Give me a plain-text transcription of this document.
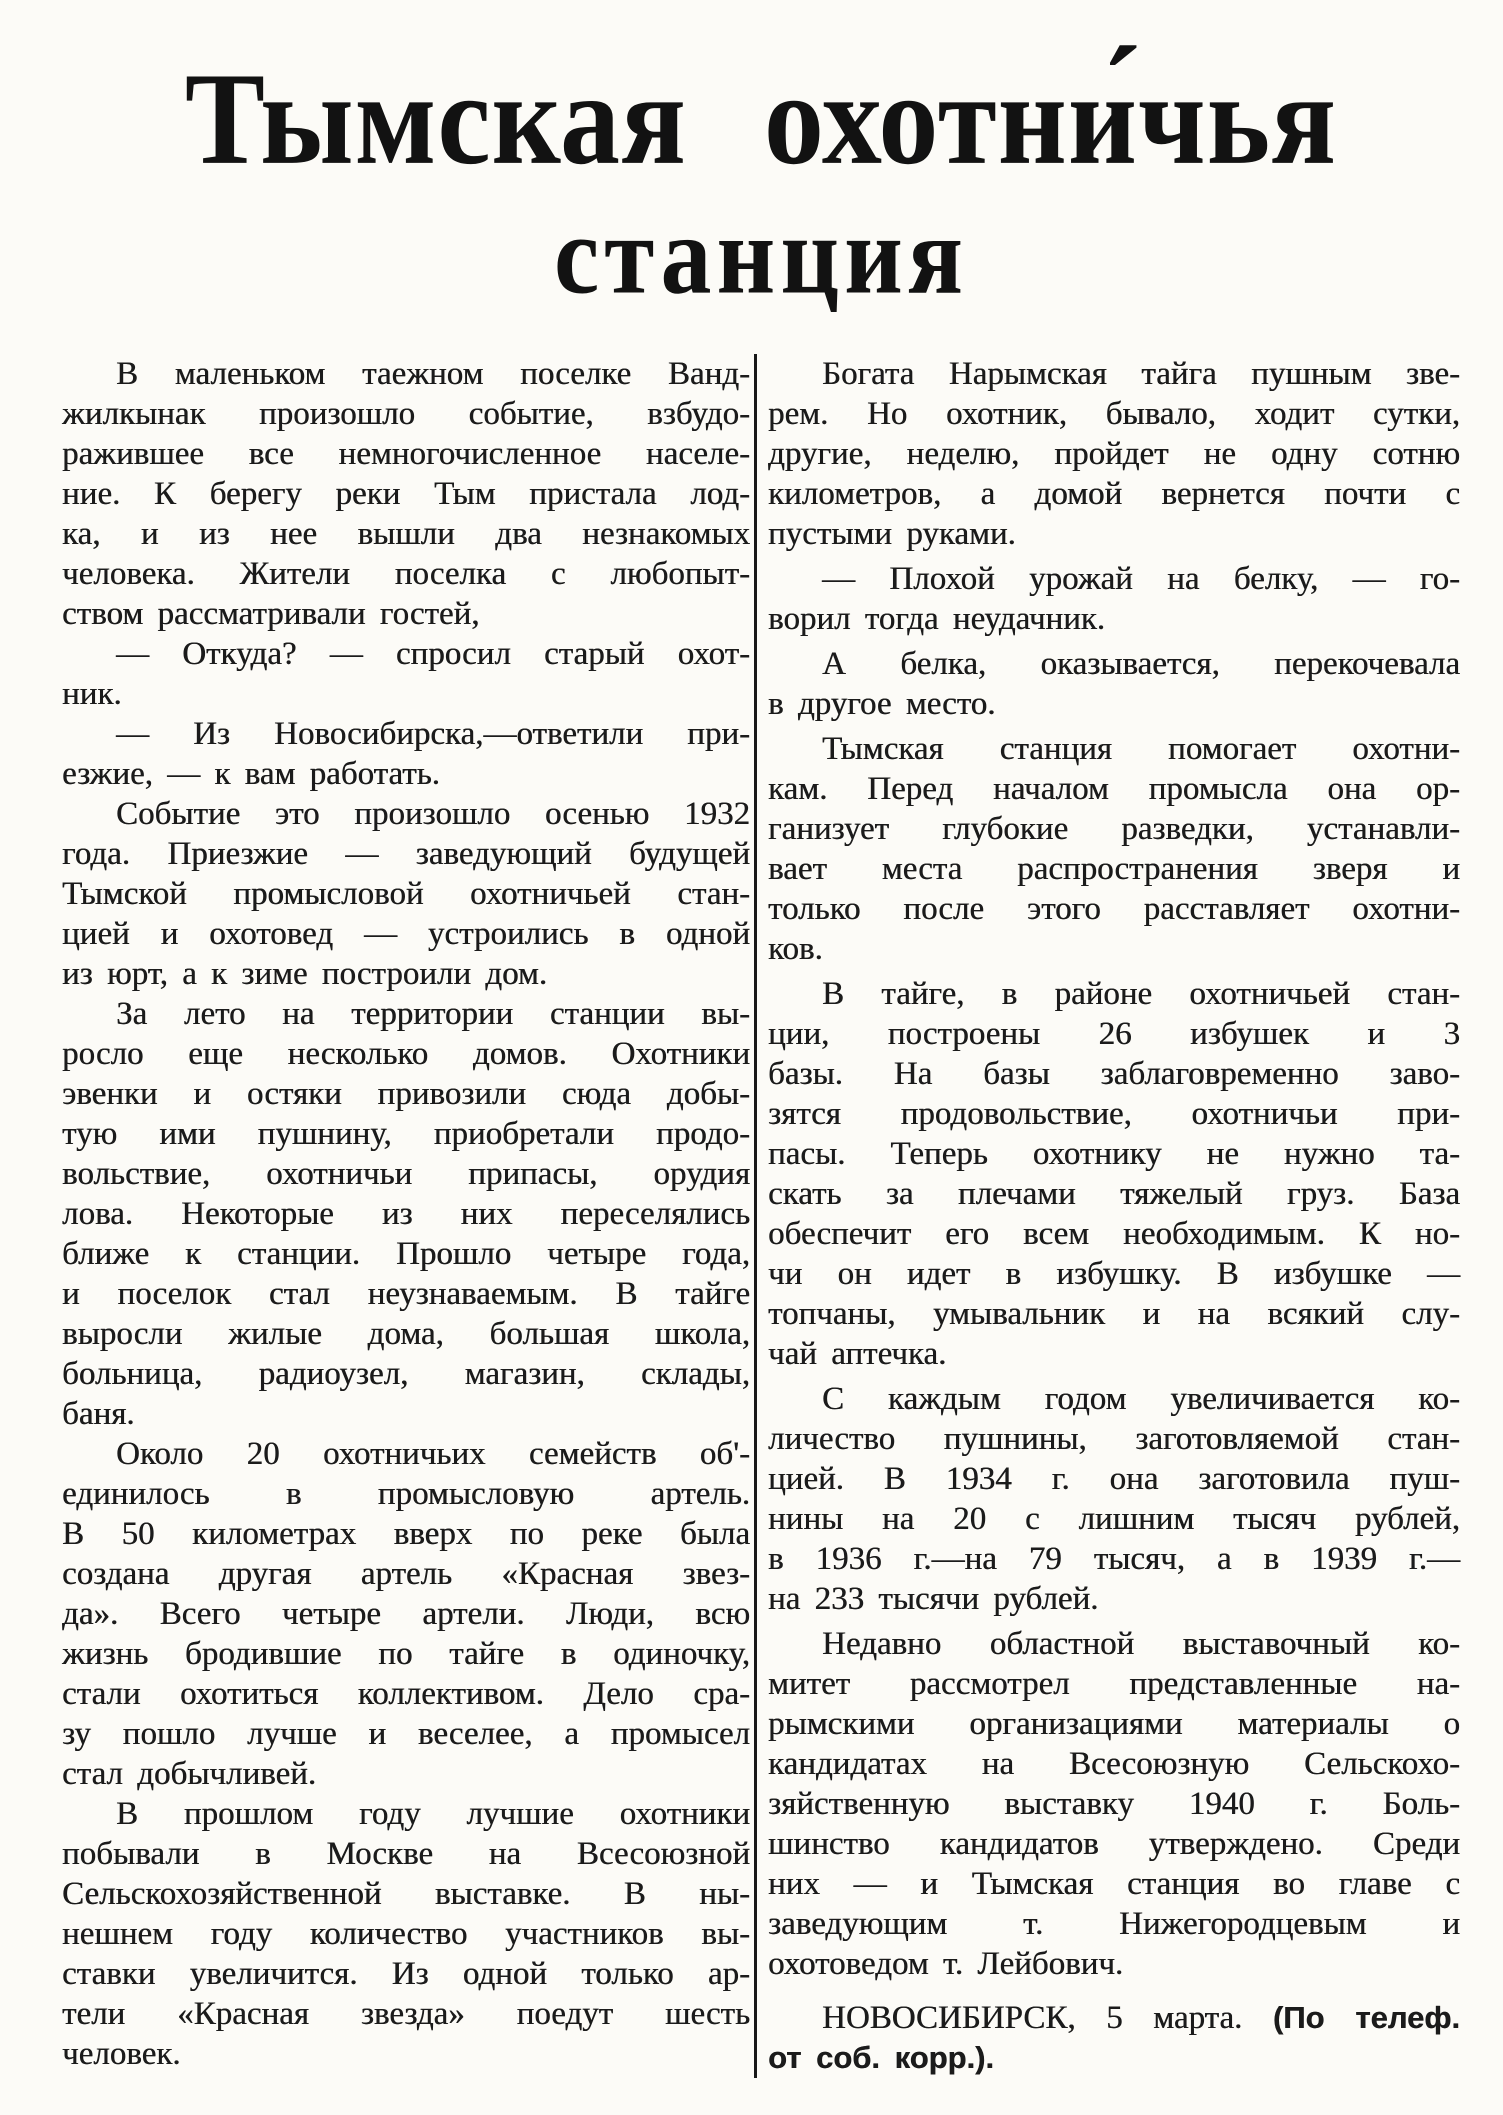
Тымская охотни́чья
станция
В маленьком таежном поселке Ванд-
жилкынак произошло событие, взбудо-
ражившее все немногочисленное населе-
ние. К берегу реки Тым пристала лод-
ка, и из нее вышли два незнакомых
человека. Жители поселка с любопыт-
ством рассматривали гостей,
— Откуда? — спросил старый охот-
ник.
— Из Новосибирска,—ответили при-
езжие, — к вам работать.
Событие это произошло осенью 1932
года. Приезжие — заведующий будущей
Тымской промысловой охотничьей стан-
цией и охотовед — устроились в одной
из юрт, а к зиме построили дом.
За лето на территории станции вы-
росло еще несколько домов. Охотники
эвенки и остяки привозили сюда добы-
тую ими пушнину, приобретали продо-
вольствие, охотничьи припасы, орудия
лова. Некоторые из них переселялись
ближе к станции. Прошло четыре года,
и поселок стал неузнаваемым. В тайге
выросли жилые дома, большая школа,
больница, радиоузел, магазин, склады,
баня.
Около 20 охотничьих семейств об'-
единилось в промысловую артель.
В 50 километрах вверх по реке была
создана другая артель «Красная звез-
да». Всего четыре артели. Люди, всю
жизнь бродившие по тайге в одиночку,
стали охотиться коллективом. Дело сра-
зу пошло лучше и веселее, а промысел
стал добычливей.
В прошлом году лучшие охотники
побывали в Москве на Всесоюзной
Сельскохозяйственной выставке. В ны-
нешнем году количество участников вы-
ставки увеличится. Из одной только ар-
тели «Красная звезда» поедут шесть
человек.
Богата Нарымская тайга пушным зве-
рем. Но охотник, бывало, ходит сутки,
другие, неделю, пройдет не одну сотню
километров, а домой вернется почти с
пустыми руками.
— Плохой урожай на белку, — го-
ворил тогда неудачник.
А белка, оказывается, перекочевала
в другое место.
Тымская станция помогает охотни-
кам. Перед началом промысла она ор-
ганизует глубокие разведки, устанавли-
вает места распространения зверя и
только после этого расставляет охотни-
ков.
В тайге, в районе охотничьей стан-
ции, построены 26 избушек и 3
базы. На базы заблаговременно заво-
зятся продовольствие, охотничьи при-
пасы. Теперь охотнику не нужно та-
скать за плечами тяжелый груз. База
обеспечит его всем необходимым. К но-
чи он идет в избушку. В избушке —
топчаны, умывальник и на всякий слу-
чай аптечка.
С каждым годом увеличивается ко-
личество пушнины, заготовляемой стан-
цией. В 1934 г. она заготовила пуш-
нины на 20 с лишним тысяч рублей,
в 1936 г.—на 79 тысяч, а в 1939 г.—
на 233 тысячи рублей.
Недавно областной выставочный ко-
митет рассмотрел представленные на-
рымскими организациями материалы о
кандидатах на Всесоюзную Сельскохо-
зяйственную выставку 1940 г. Боль-
шинство кандидатов утверждено. Среди
них — и Тымская станция во главе с
заведующим т. Нижегородцевым и
охотоведом т. Лейбович.
НОВОСИБИРСК, 5 марта. (По телеф.
от соб. корр.).
